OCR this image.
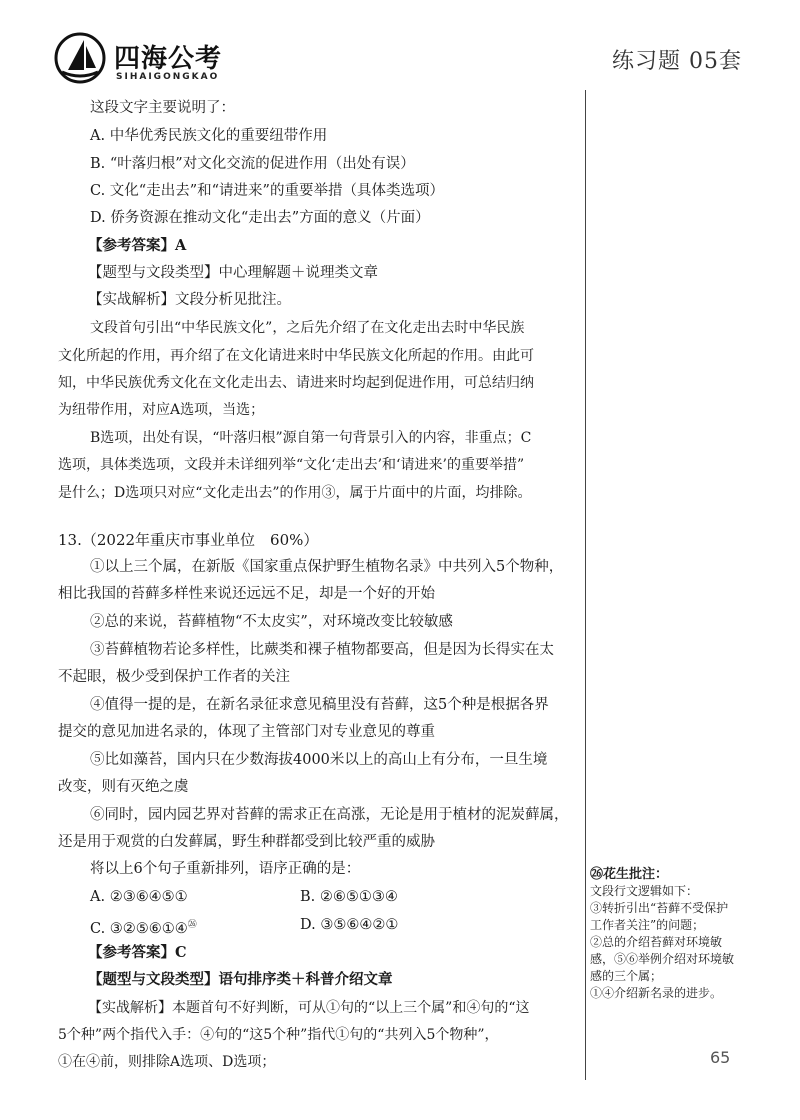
四海公考
SIHAIGONGKAO
练习题 05套
这段文字主要说明了：
A. 中华优秀民族文化的重要纽带作用
B. “叶落归根”对文化交流的促进作用（出处有误）
C. 文化“走出去”和“请进来”的重要举措（具体类选项）
D. 侨务资源在推动文化“走出去”方面的意义（片面）
【参考答案】A
【题型与文段类型】中心理解题＋说理类文章
【实战解析】文段分析见批注。
文段首句引出“中华民族文化”，之后先介绍了在文化走出去时中华民族
文化所起的作用，再介绍了在文化请进来时中华民族文化所起的作用。由此可
知，中华民族优秀文化在文化走出去、请进来时均起到促进作用，可总结归纳
为纽带作用，对应A选项，当选；
B选项，出处有误，“叶落归根”源自第一句背景引入的内容，非重点；C
选项，具体类选项，文段并未详细列举“文化‘走出去’和‘请进来’的重要举措”
是什么；D选项只对应“文化走出去”的作用③，属于片面中的片面，均排除。
13.（2022年重庆市事业单位　60%）
①以上三个属，在新版《国家重点保护野生植物名录》中共列入5个物种，
相比我国的苔藓多样性来说还远远不足，却是一个好的开始
②总的来说，苔藓植物“不太皮实”，对环境改变比较敏感
③苔藓植物若论多样性，比蕨类和裸子植物都要高，但是因为长得实在太
不起眼，极少受到保护工作者的关注
④值得一提的是，在新名录征求意见稿里没有苔藓，这5个种是根据各界
提交的意见加进名录的，体现了主管部门对专业意见的尊重
⑤比如藻苔，国内只在少数海拔4000米以上的高山上有分布，一旦生境
改变，则有灭绝之虞
⑥同时，园内园艺界对苔藓的需求正在高涨，无论是用于植材的泥炭藓属，
还是用于观赏的白发藓属，野生种群都受到比较严重的威胁
将以上6个句子重新排列，语序正确的是：
A. ②③⑥④⑤①	B. ②⑥⑤①③④
C. ③②⑤⑥①④$^㉖$	D. ③⑤⑥④②①
【参考答案】C
【题型与文段类型】语句排序类＋科普介绍文章
【实战解析】本题首句不好判断，可从①句的“以上三个属”和④句的“这
5个种”两个指代入手：④句的“这5个种”指代①句的“共列入5个物种”，
①在④前，则排除A选项、D选项；
㉖花生批注：
文段行文逻辑如下：
③转折引出“苔藓不受保护
工作者关注”的问题；
②总的介绍苔藓对环境敏
感，⑤⑥举例介绍对环境敏
感的三个属；
①④介绍新名录的进步。
65
